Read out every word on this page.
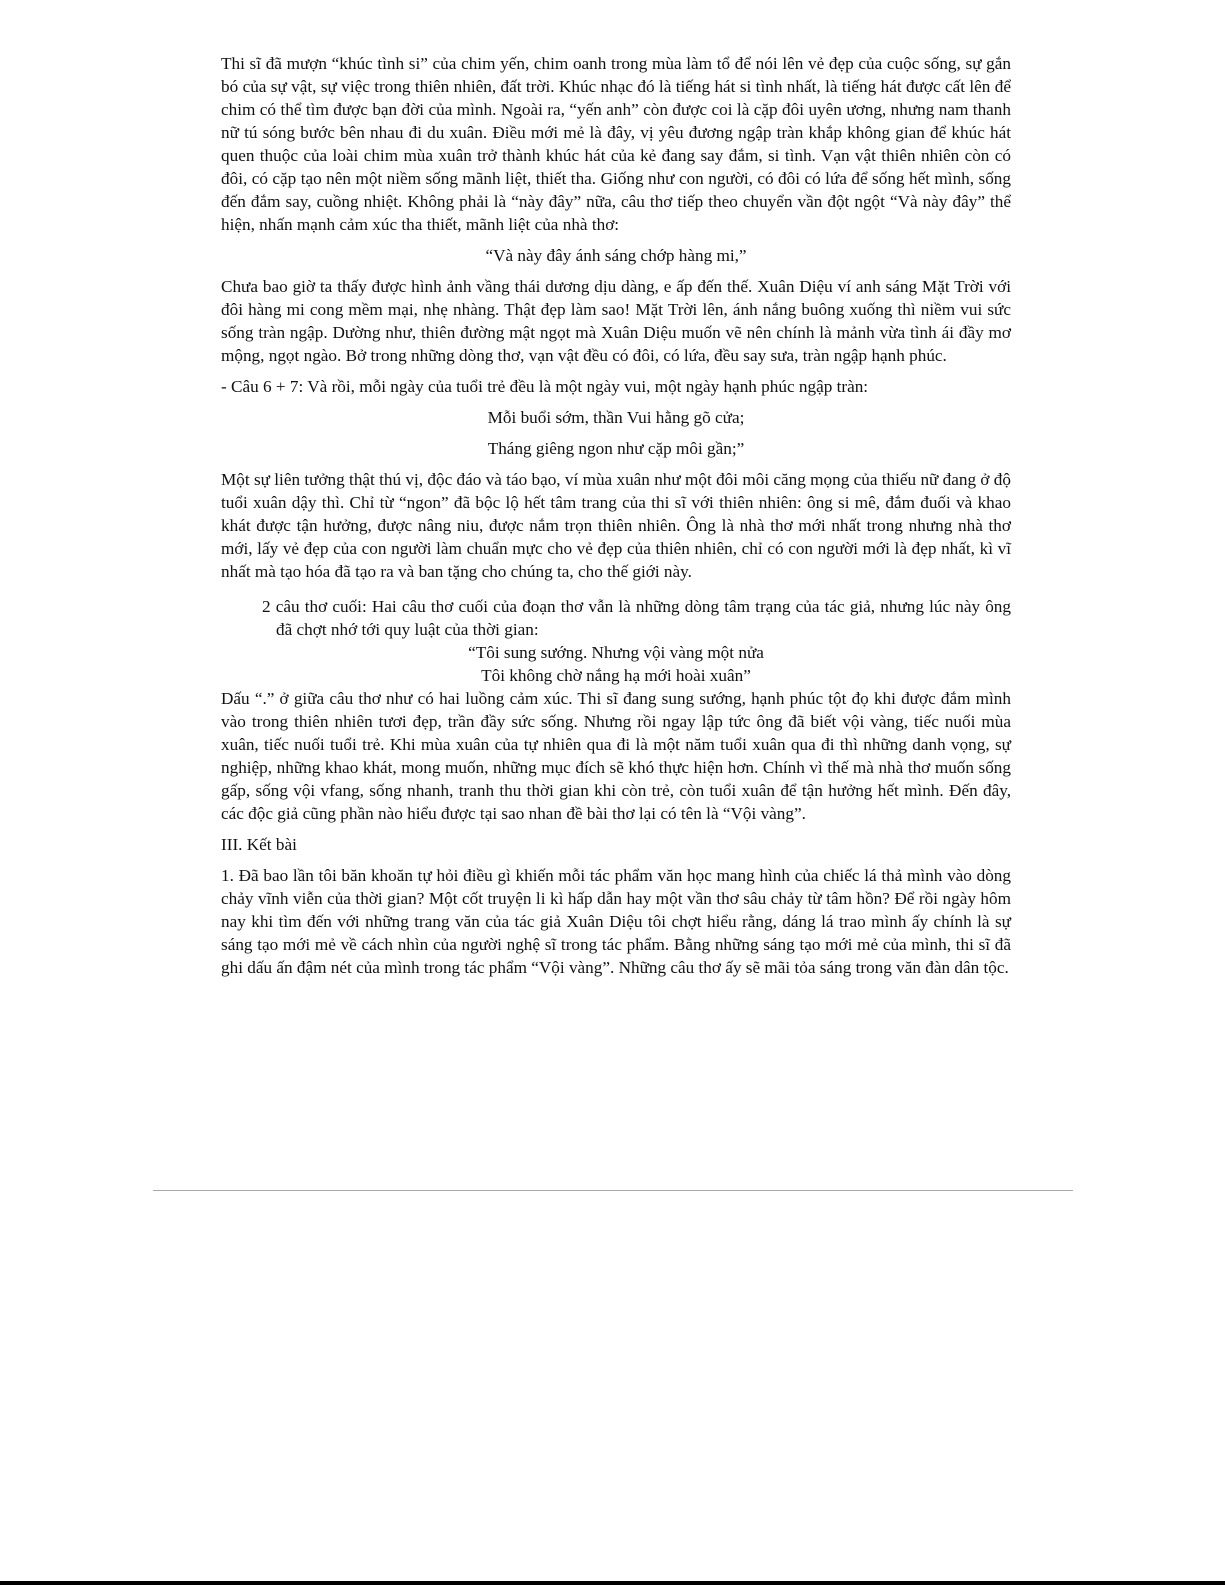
Thi sĩ đã mượn “khúc tình si” của chim yến, chim oanh trong mùa làm tổ để nói lên vẻ đẹp của cuộc sống, sự gắn bó của sự vật, sự việc trong thiên nhiên, đất trời. Khúc nhạc đó là tiếng hát si tình nhất, là tiếng hát được cất lên để chim có thể tìm được bạn đời của mình. Ngoài ra, “yến anh” còn được coi là cặp đôi uyên ương, nhưng nam thanh nữ tú sóng bước bên nhau đi du xuân. Điều mới mẻ là đây, vị yêu đương ngập tràn khắp không gian để khúc hát quen thuộc của loài chim mùa xuân trở thành khúc hát của kẻ đang say đắm, si tình. Vạn vật thiên nhiên còn có đôi, có cặp tạo nên một niềm sống mãnh liệt, thiết tha. Giống như con người, có đôi có lứa để sống hết mình, sống đến đắm say, cuồng nhiệt. Không phải là “này đây” nữa, câu thơ tiếp theo chuyển vần đột ngột “Và này đây” thể hiện, nhấn mạnh cảm xúc tha thiết, mãnh liệt của nhà thơ:

“Và này đây ánh sáng chớp hàng mi,”

Chưa bao giờ ta thấy được hình ảnh vầng thái dương dịu dàng, e ấp đến thế. Xuân Diệu ví anh sáng Mặt Trời với đôi hàng mi cong mềm mại, nhẹ nhàng. Thật đẹp làm sao! Mặt Trời lên, ánh nắng buông xuống thì niềm vui sức sống tràn ngập. Dường như, thiên đường mật ngọt mà Xuân Diệu muốn vẽ nên chính là mảnh vừa tình ái đầy mơ mộng, ngọt ngào. Bở trong những dòng thơ, vạn vật đều có đôi, có lứa, đều say sưa, tràn ngập hạnh phúc.

- Câu 6 + 7: Và rồi, mỗi ngày của tuổi trẻ đều là một ngày vui, một ngày hạnh phúc ngập tràn:

Mỗi buổi sớm, thần Vui hằng gõ cửa;

Tháng giêng ngon như cặp môi gần;”

Một sự liên tưởng thật thú vị, độc đáo và táo bạo, ví mùa xuân như một đôi môi căng mọng của thiếu nữ đang ở độ tuổi xuân dậy thì. Chỉ từ “ngon” đã bộc lộ hết tâm trang của thi sĩ với thiên nhiên: ông si mê, đắm đuối và khao khát được tận hưởng, được nâng niu, được nắm trọn thiên nhiên. Ông là nhà thơ mới nhất trong nhưng nhà thơ mới, lấy vẻ đẹp của con người làm chuẩn mực cho vẻ đẹp của thiên nhiên, chỉ có con người mới là đẹp nhất, kì vĩ nhất mà tạo hóa đã tạo ra và ban tặng cho chúng ta, cho thế giới này.

2 câu thơ cuối: Hai câu thơ cuối của đoạn thơ vẫn là những dòng tâm trạng của tác giả, nhưng lúc này ông đã chợt nhớ tới quy luật của thời gian:

“Tôi sung sướng. Nhưng vội vàng một nửa

Tôi không chờ nắng hạ mới hoài xuân”

Dấu “.” ở giữa câu thơ như có hai luồng cảm xúc. Thi sĩ đang sung sướng, hạnh phúc tột đọ khi được đắm mình vào trong thiên nhiên tươi đẹp, trần đầy sức sống. Nhưng rồi ngay lập tức ông đã biết vội vàng, tiếc nuối mùa xuân, tiếc nuối tuổi trẻ. Khi mùa xuân của tự nhiên qua đi là một năm tuổi xuân qua đi thì những danh vọng, sự nghiệp, những khao khát, mong muốn, những mục đích sẽ khó thực hiện hơn. Chính vì thế mà nhà thơ muốn sống gấp, sống vội vfang, sống nhanh, tranh thu thời gian khi còn trẻ, còn tuổi xuân để tận hưởng hết mình. Đến đây, các độc giả cũng phần nào hiểu được tại sao nhan đề bài thơ lại có tên là “Vội vàng”.

III. Kết bài

1. Đã bao lần tôi băn khoăn tự hỏi điều gì khiến mỗi tác phẩm văn học mang hình của chiếc lá thả mình vào dòng chảy vĩnh viễn của thời gian? Một cốt truyện li kì hấp dẫn hay một vần thơ sâu chảy từ tâm hồn? Để rồi ngày hôm nay khi tìm đến với những trang văn của tác giả Xuân Diệu tôi chợt hiểu rằng, dáng lá trao mình ấy chính là sự sáng tạo mới mẻ về cách nhìn của người nghệ sĩ trong tác phẩm. Bằng những sáng tạo mới mẻ của mình, thi sĩ đã ghi dấu ấn đậm nét của mình trong tác phẩm “Vội vàng”. Những câu thơ ấy sẽ mãi tỏa sáng trong văn đàn dân tộc.
